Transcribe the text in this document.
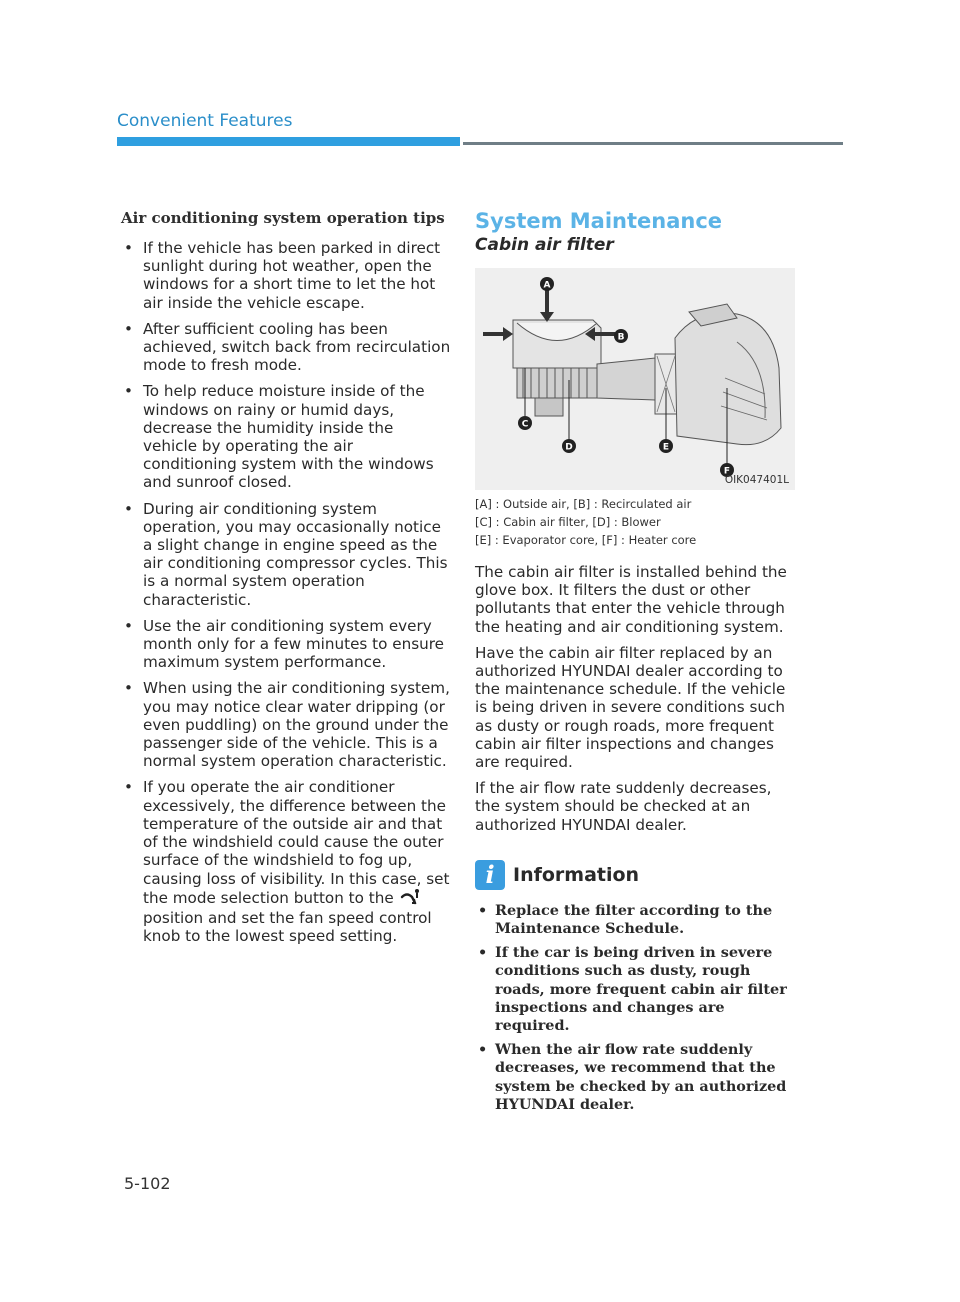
Convenient Features
Air conditioning system operation tips
• If the vehicle has been parked in direct sunlight during hot weather, open the windows for a short time to let the hot air inside the vehicle escape.
• After sufficient cooling has been achieved, switch back from recirculation mode to fresh mode.
• To help reduce moisture inside of the windows on rainy or humid days, decrease the humidity inside the vehicle by operating the air conditioning system with the windows and sunroof closed.
• During air conditioning system operation, you may occasionally notice a slight change in engine speed as the air conditioning compressor cycles. This is a normal system operation characteristic.
• Use the air conditioning system every month only for a few minutes to ensure maximum system performance.
• When using the air conditioning system, you may notice clear water dripping (or even puddling) on the ground under the passenger side of the vehicle. This is a normal system operation characteristic.
• If you operate the air conditioner excessively, the difference between the temperature of the outside air and that of the windshield could cause the outer surface of the windshield to fog up, causing loss of visibility. In this case, set the mode selection button to the  position and set the fan speed control knob to the lowest speed setting.
System Maintenance
Cabin air filter
A
B
C
D	E
F
OIK047401L
[A] : Outside air, [B] : Recirculated air
[C] : Cabin air filter, [D] : Blower
[E] : Evaporator core, [F] : Heater core

The cabin air filter is installed behind the glove box. It filters the dust or other pollutants that enter the vehicle through the heating and air conditioning system.

Have the cabin air filter replaced by an authorized HYUNDAI dealer according to the maintenance schedule. If the vehicle is being driven in severe conditions such as dusty or rough roads, more frequent cabin air filter inspections and changes are required.

If the air flow rate suddenly decreases, the system should be checked at an authorized HYUNDAI dealer.

i Information
• Replace the filter according to the Maintenance Schedule.
• If the car is being driven in severe conditions such as dusty, rough roads, more frequent cabin air filter inspections and changes are required.
• When the air flow rate suddenly decreases, we recommend that the system be checked by an authorized HYUNDAI dealer.
5-102
